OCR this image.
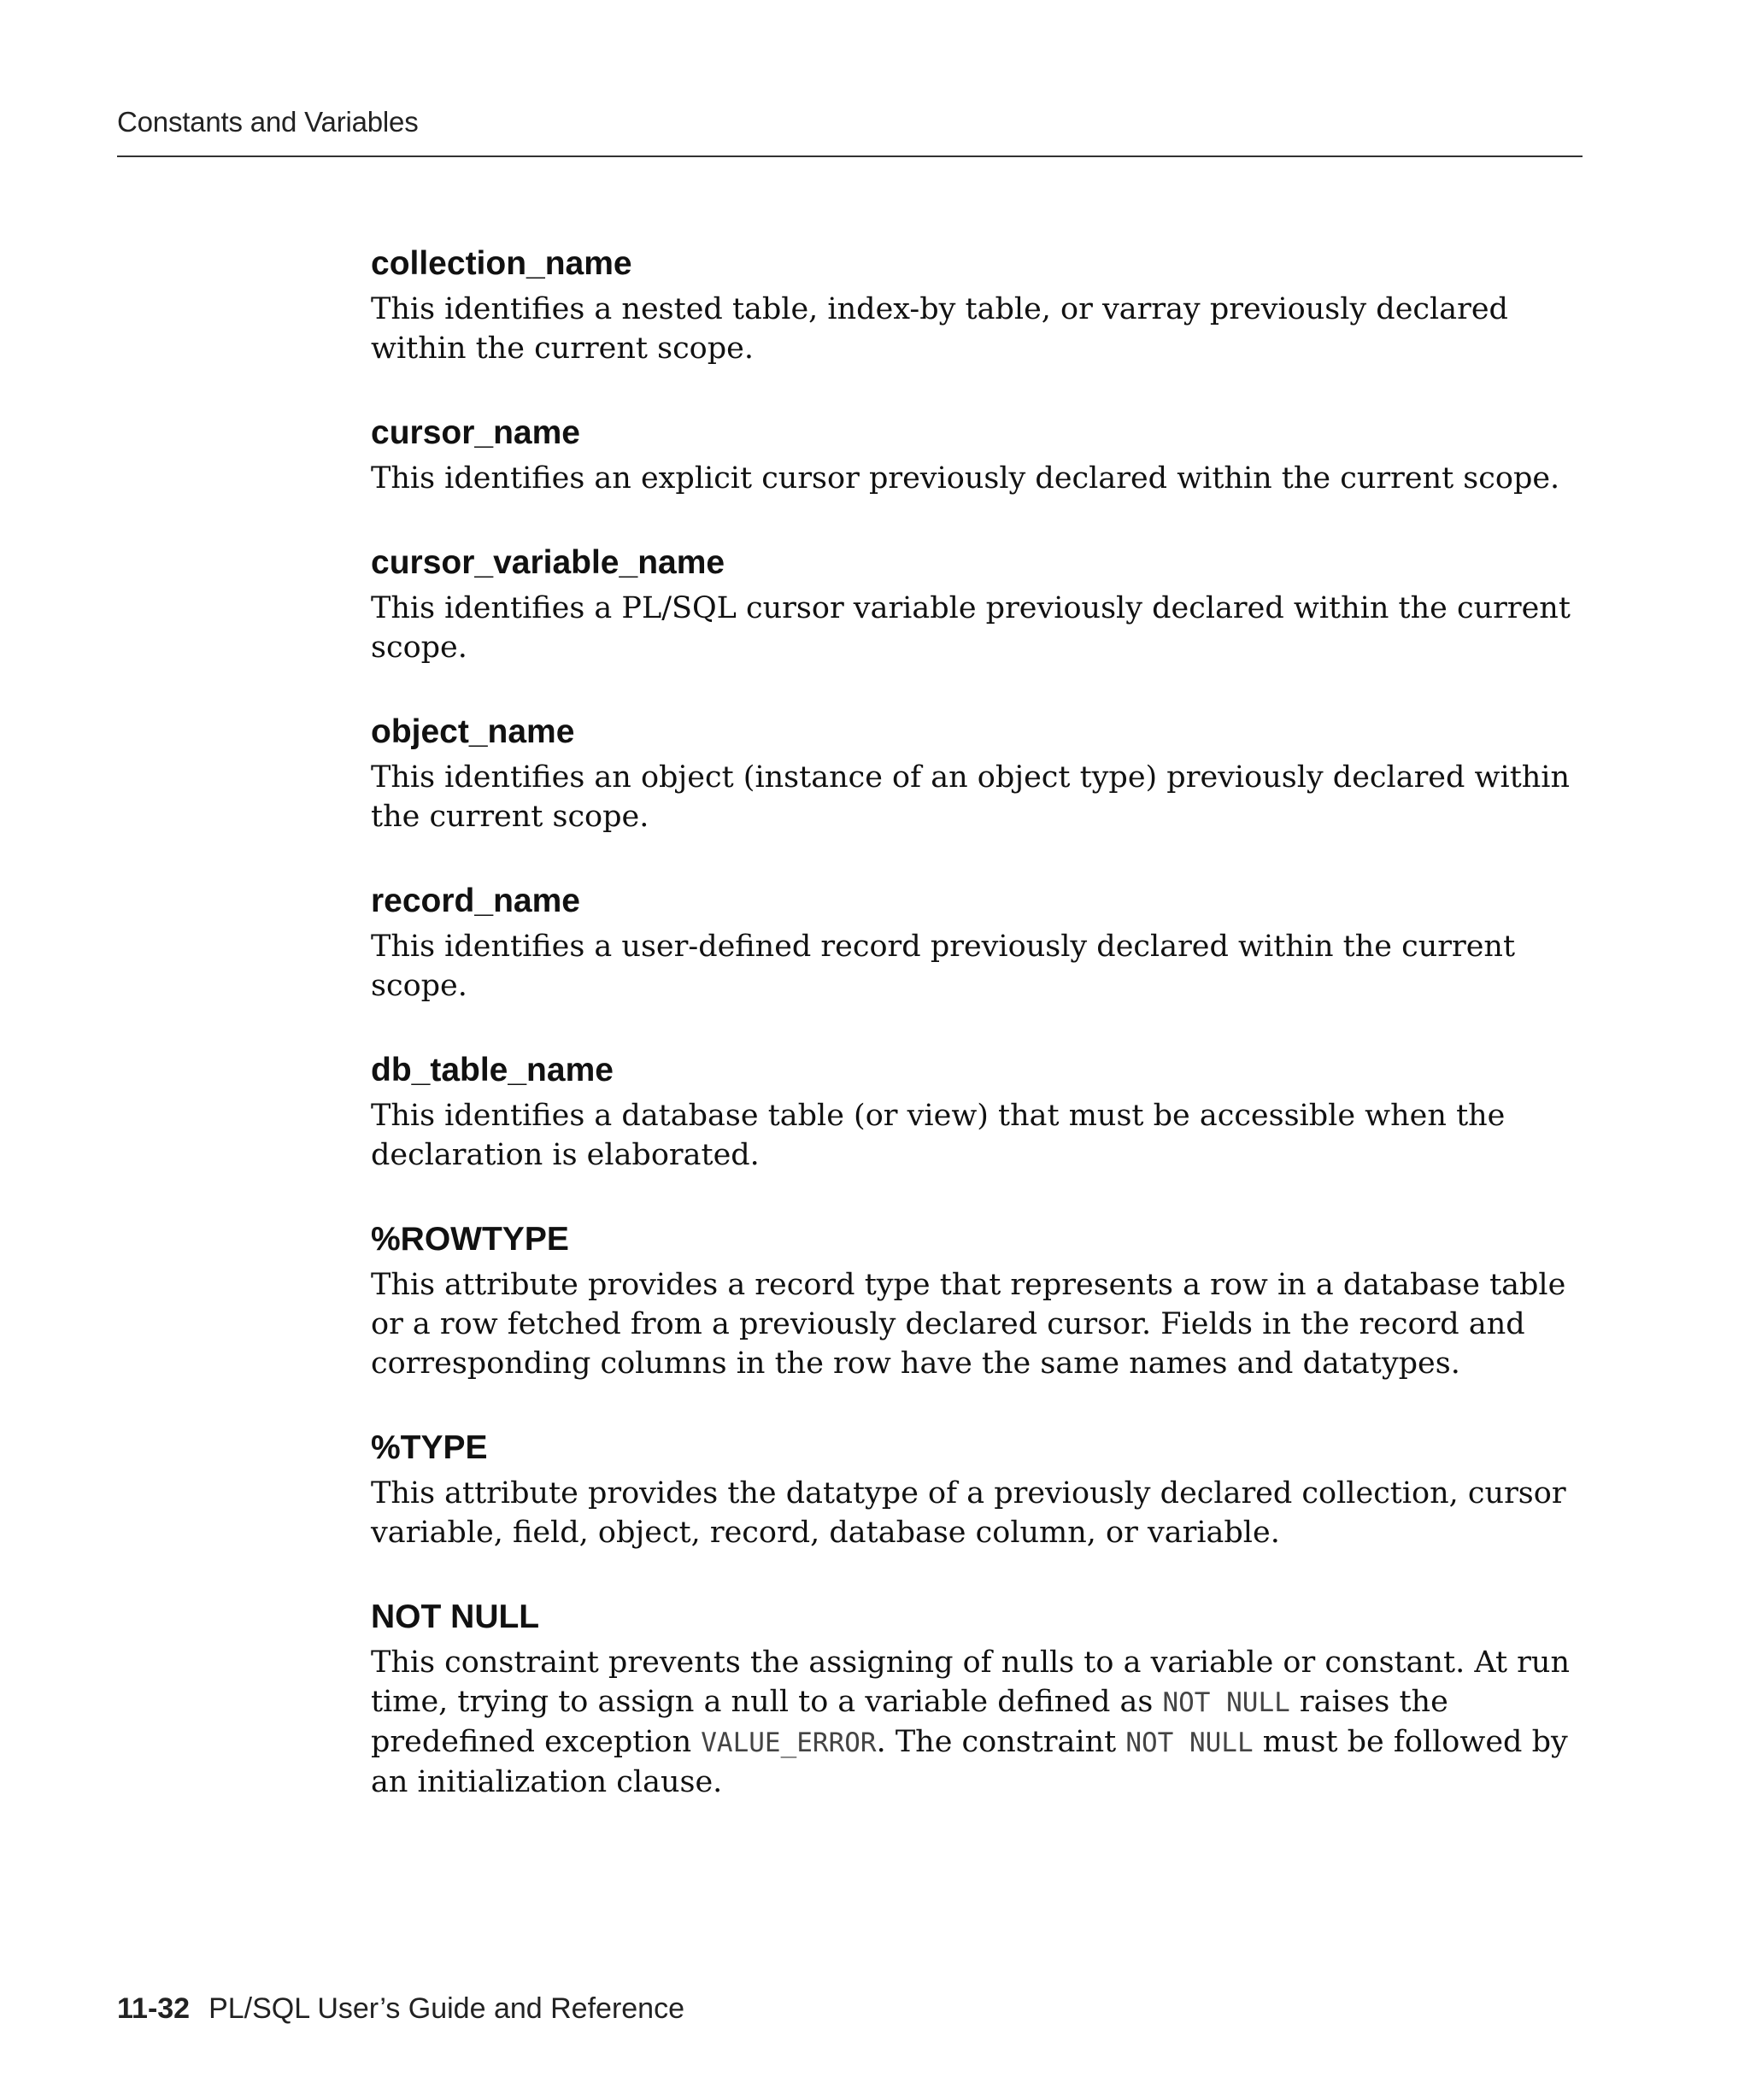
Constants and Variables
collection_name

This identifies a nested table, index-by table, or varray previously declared within the current scope.

cursor_name

This identifies an explicit cursor previously declared within the current scope.

cursor_variable_name

This identifies a PL/SQL cursor variable previously declared within the current scope.

object_name

This identifies an object (instance of an object type) previously declared within the current scope.

record_name

This identifies a user-defined record previously declared within the current scope.

db_table_name

This identifies a database table (or view) that must be accessible when the declaration is elaborated.

%ROWTYPE

This attribute provides a record type that represents a row in a database table or a row fetched from a previously declared cursor. Fields in the record and corresponding columns in the row have the same names and datatypes.

%TYPE

This attribute provides the datatype of a previously declared collection, cursor variable, field, object, record, database column, or variable.

NOT NULL

This constraint prevents the assigning of nulls to a variable or constant. At run time, trying to assign a null to a variable defined as NOT NULL raises the predefined exception VALUE_ERROR. The constraint NOT NULL must be followed by an initialization clause.

11-32 PL/SQL User’s Guide and Reference
